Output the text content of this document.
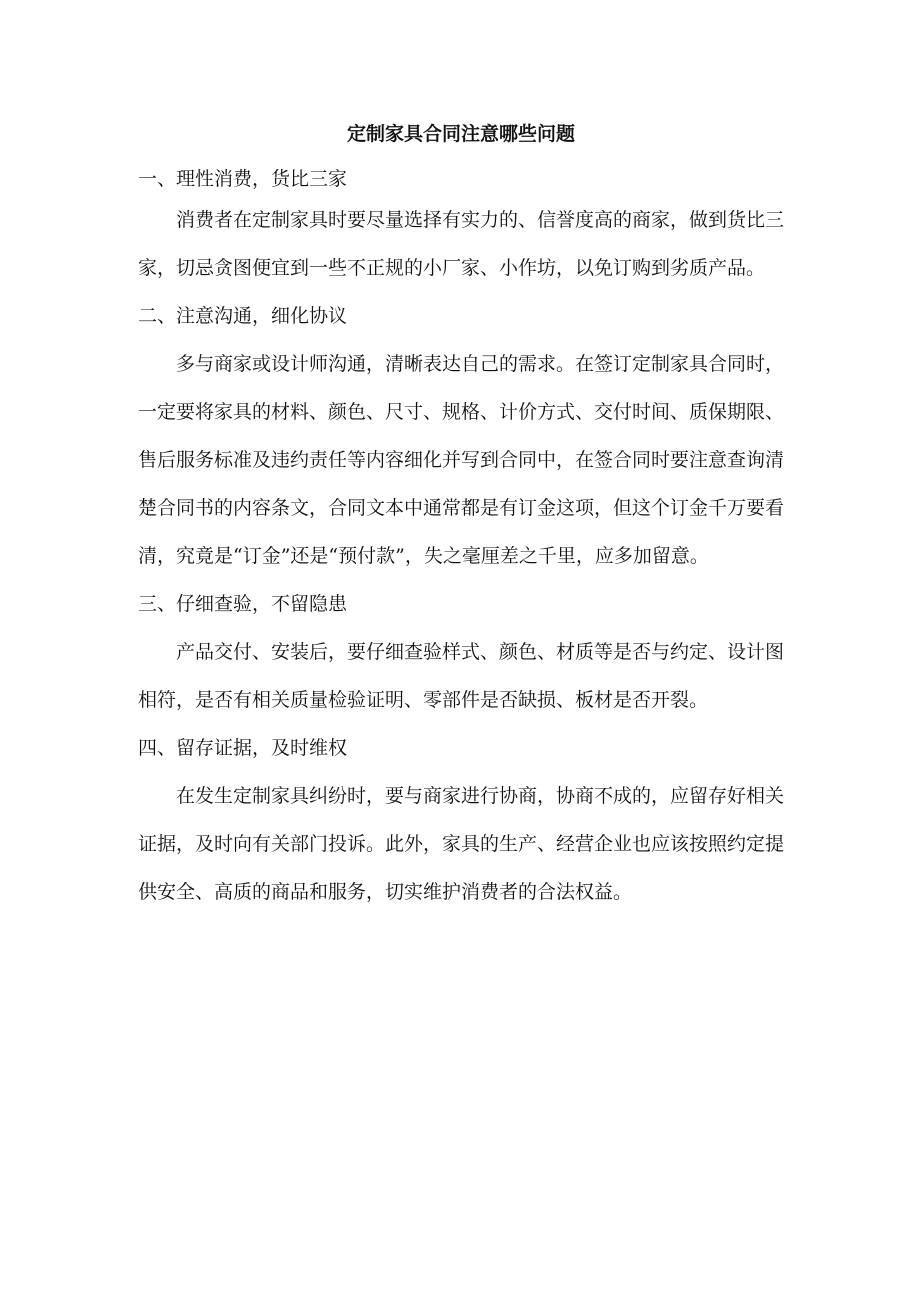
定制家具合同注意哪些问题
一、理性消费，货比三家

消费者在定制家具时要尽量选择有实力的、信誉度高的商家，做到货比三家，切忌贪图便宜到一些不正规的小厂家、小作坊，以免订购到劣质产品。

二、注意沟通，细化协议

多与商家或设计师沟通，清晰表达自己的需求。在签订定制家具合同时，一定要将家具的材料、颜色、尺寸、规格、计价方式、交付时间、质保期限、售后服务标准及违约责任等内容细化并写到合同中，在签合同时要注意查询清楚合同书的内容条文，合同文本中通常都是有订金这项，但这个订金千万要看清，究竟是“订金”还是“预付款”，失之毫厘差之千里，应多加留意。

三、仔细查验，不留隐患

产品交付、安装后，要仔细查验样式、颜色、材质等是否与约定、设计图相符，是否有相关质量检验证明、零部件是否缺损、板材是否开裂。

四、留存证据，及时维权

在发生定制家具纠纷时，要与商家进行协商，协商不成的，应留存好相关证据，及时向有关部门投诉。此外，家具的生产、经营企业也应该按照约定提供安全、高质的商品和服务，切实维护消费者的合法权益。
